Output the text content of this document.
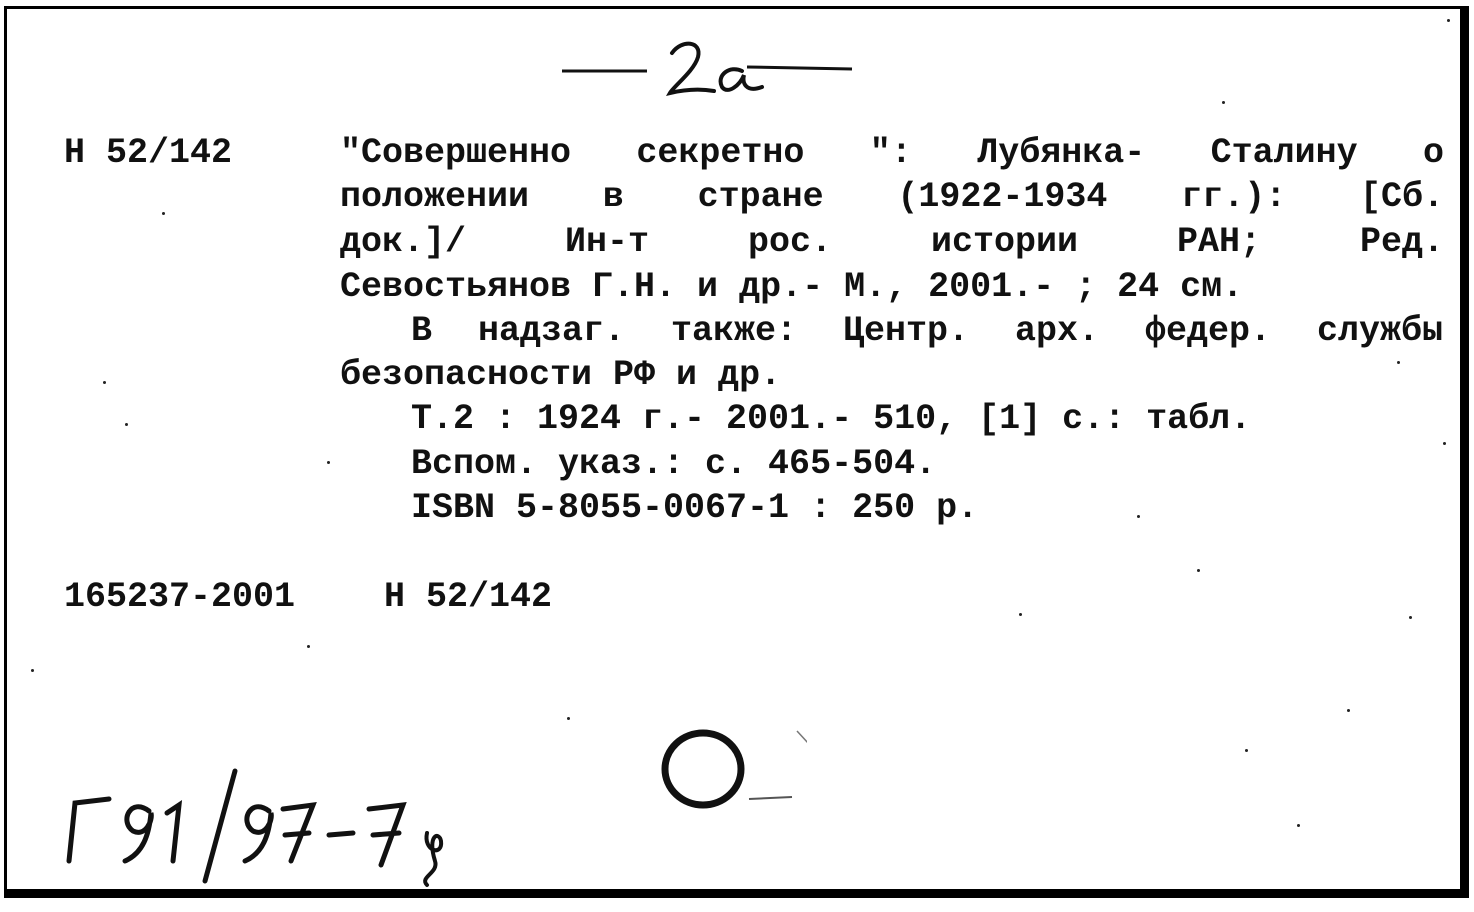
Н 52/142	"Совершенно секретно ": Лубянка- Сталину о
положении в стране (1922-1934 гг.): [Сб.
док.]/ Ин-т рос. истории РАН; Ред.
Севостьянов Г.Н. и др.- М., 2001.- ; 24 см.
В надзаг. также: Центр. арх. федер. службы
безопасности РФ и др.
Т.2 : 1924 г.- 2001.- 510, [1] с.: табл.
Вспом. указ.: с. 465-504.
ISBN 5-8055-0067-1 : 250 р.
165237-2001	Н 52/142
